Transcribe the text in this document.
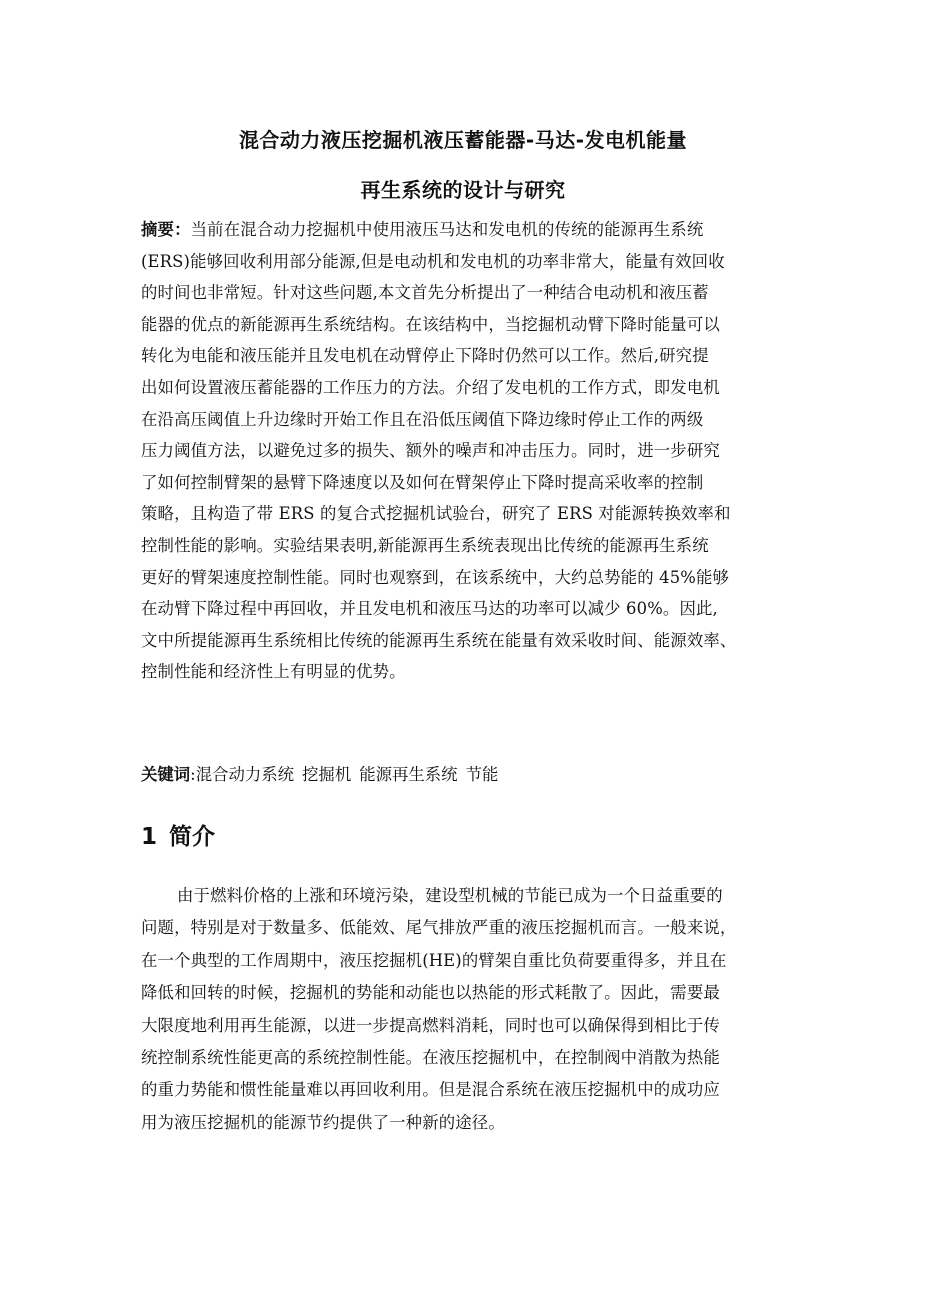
混合动力液压挖掘机液压蓄能器-马达-发电机能量
再生系统的设计与研究
摘要：当前在混合动力挖掘机中使用液压马达和发电机的传统的能源再生系统
(ERS)能够回收利用部分能源,但是电动机和发电机的功率非常大，能量有效回收
的时间也非常短。针对这些问题,本文首先分析提出了一种结合电动机和液压蓄
能器的优点的新能源再生系统结构。在该结构中，当挖掘机动臂下降时能量可以
转化为电能和液压能并且发电机在动臂停止下降时仍然可以工作。然后,研究提
出如何设置液压蓄能器的工作压力的方法。介绍了发电机的工作方式，即发电机
在沿高压阈值上升边缘时开始工作且在沿低压阈值下降边缘时停止工作的两级
压力阈值方法，以避免过多的损失、额外的噪声和冲击压力。同时，进一步研究
了如何控制臂架的悬臂下降速度以及如何在臂架停止下降时提高采收率的控制
策略，且构造了带 ERS 的复合式挖掘机试验台，研究了 ERS 对能源转换效率和
控制性能的影响。实验结果表明,新能源再生系统表现出比传统的能源再生系统
更好的臂架速度控制性能。同时也观察到，在该系统中，大约总势能的 45%能够
在动臂下降过程中再回收，并且发电机和液压马达的功率可以减少 60%。因此,
文中所提能源再生系统相比传统的能源再生系统在能量有效采收时间、能源效率、
控制性能和经济性上有明显的优势。
关键词:混合动力系统 挖掘机 能源再生系统 节能
1 简介
由于燃料价格的上涨和环境污染，建设型机械的节能已成为一个日益重要的
问题，特别是对于数量多、低能效、尾气排放严重的液压挖掘机而言。一般来说，
在一个典型的工作周期中，液压挖掘机(HE)的臂架自重比负荷要重得多，并且在
降低和回转的时候，挖掘机的势能和动能也以热能的形式耗散了。因此，需要最
大限度地利用再生能源，以进一步提高燃料消耗，同时也可以确保得到相比于传
统控制系统性能更高的系统控制性能。在液压挖掘机中，在控制阀中消散为热能
的重力势能和惯性能量难以再回收利用。但是混合系统在液压挖掘机中的成功应
用为液压挖掘机的能源节约提供了一种新的途径。
